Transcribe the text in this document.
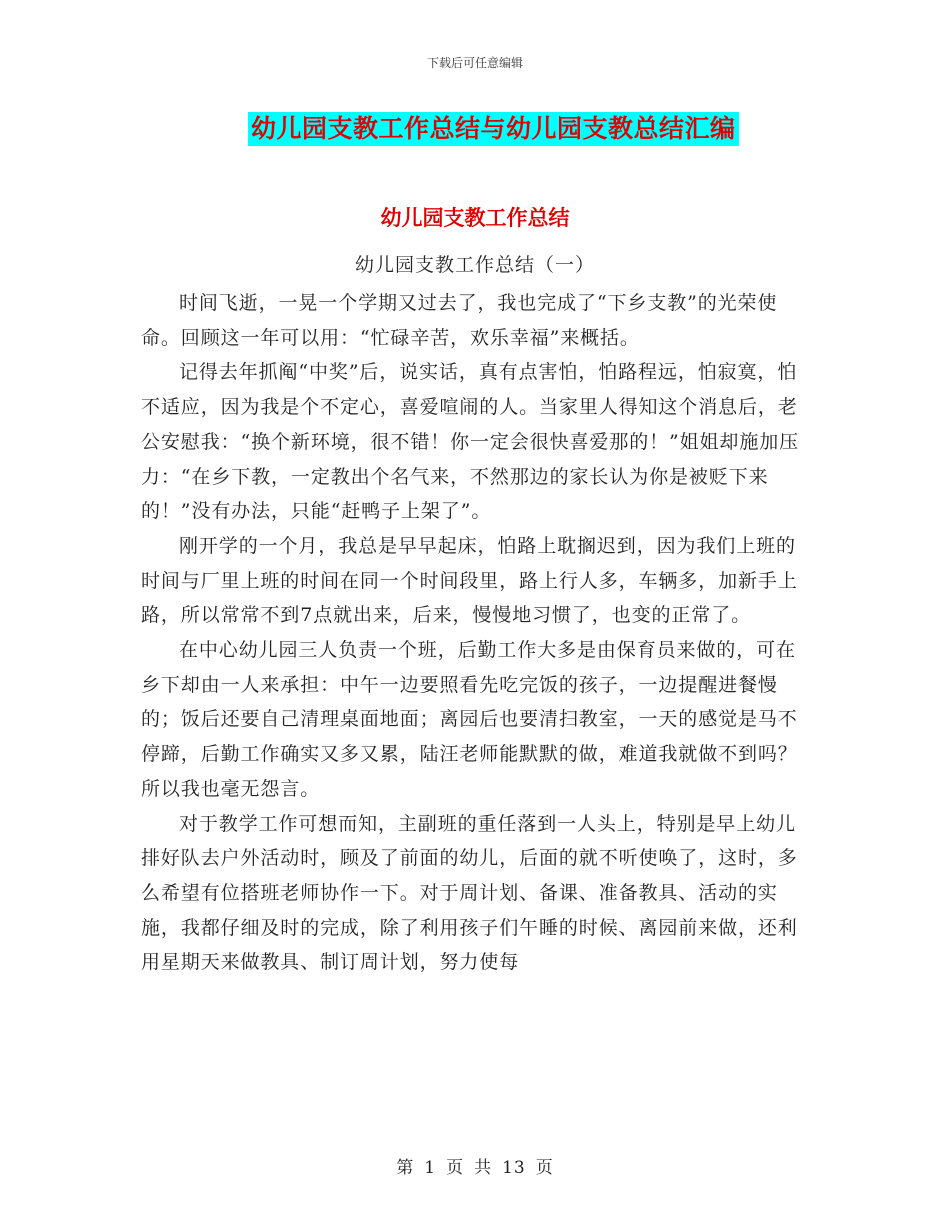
下载后可任意编辑
幼儿园支教工作总结与幼儿园支教总结汇编
幼儿园支教工作总结
幼儿园支教工作总结（一）

时间飞逝，一晃一个学期又过去了，我也完成了“下乡支教”的光荣使命。回顾这一年可以用：“忙碌辛苦，欢乐幸福”来概括。

记得去年抓阄“中奖”后，说实话，真有点害怕，怕路程远，怕寂寞，怕不适应，因为我是个不定心，喜爱喧闹的人。当家里人得知这个消息后，老公安慰我：“换个新环境，很不错！你一定会很快喜爱那的！”姐姐却施加压力：“在乡下教，一定教出个名气来，不然那边的家长认为你是被贬下来的！”没有办法，只能“赶鸭子上架了”。

刚开学的一个月，我总是早早起床，怕路上耽搁迟到，因为我们上班的时间与厂里上班的时间在同一个时间段里，路上行人多，车辆多，加新手上路，所以常常不到7点就出来，后来，慢慢地习惯了，也变的正常了。

在中心幼儿园三人负责一个班，后勤工作大多是由保育员来做的，可在乡下却由一人来承担：中午一边要照看先吃完饭的孩子，一边提醒进餐慢的；饭后还要自己清理桌面地面；离园后也要清扫教室，一天的感觉是马不停蹄，后勤工作确实又多又累，陆汪老师能默默的做，难道我就做不到吗？所以我也毫无怨言。

对于教学工作可想而知，主副班的重任落到一人头上，特别是早上幼儿排好队去户外活动时，顾及了前面的幼儿，后面的就不听使唤了，这时，多么希望有位搭班老师协作一下。对于周计划、备课、准备教具、活动的实施，我都仔细及时的完成，除了利用孩子们午睡的时候、离园前来做，还利用星期天来做教具、制订周计划，努力使每

第 1 页 共 13 页
